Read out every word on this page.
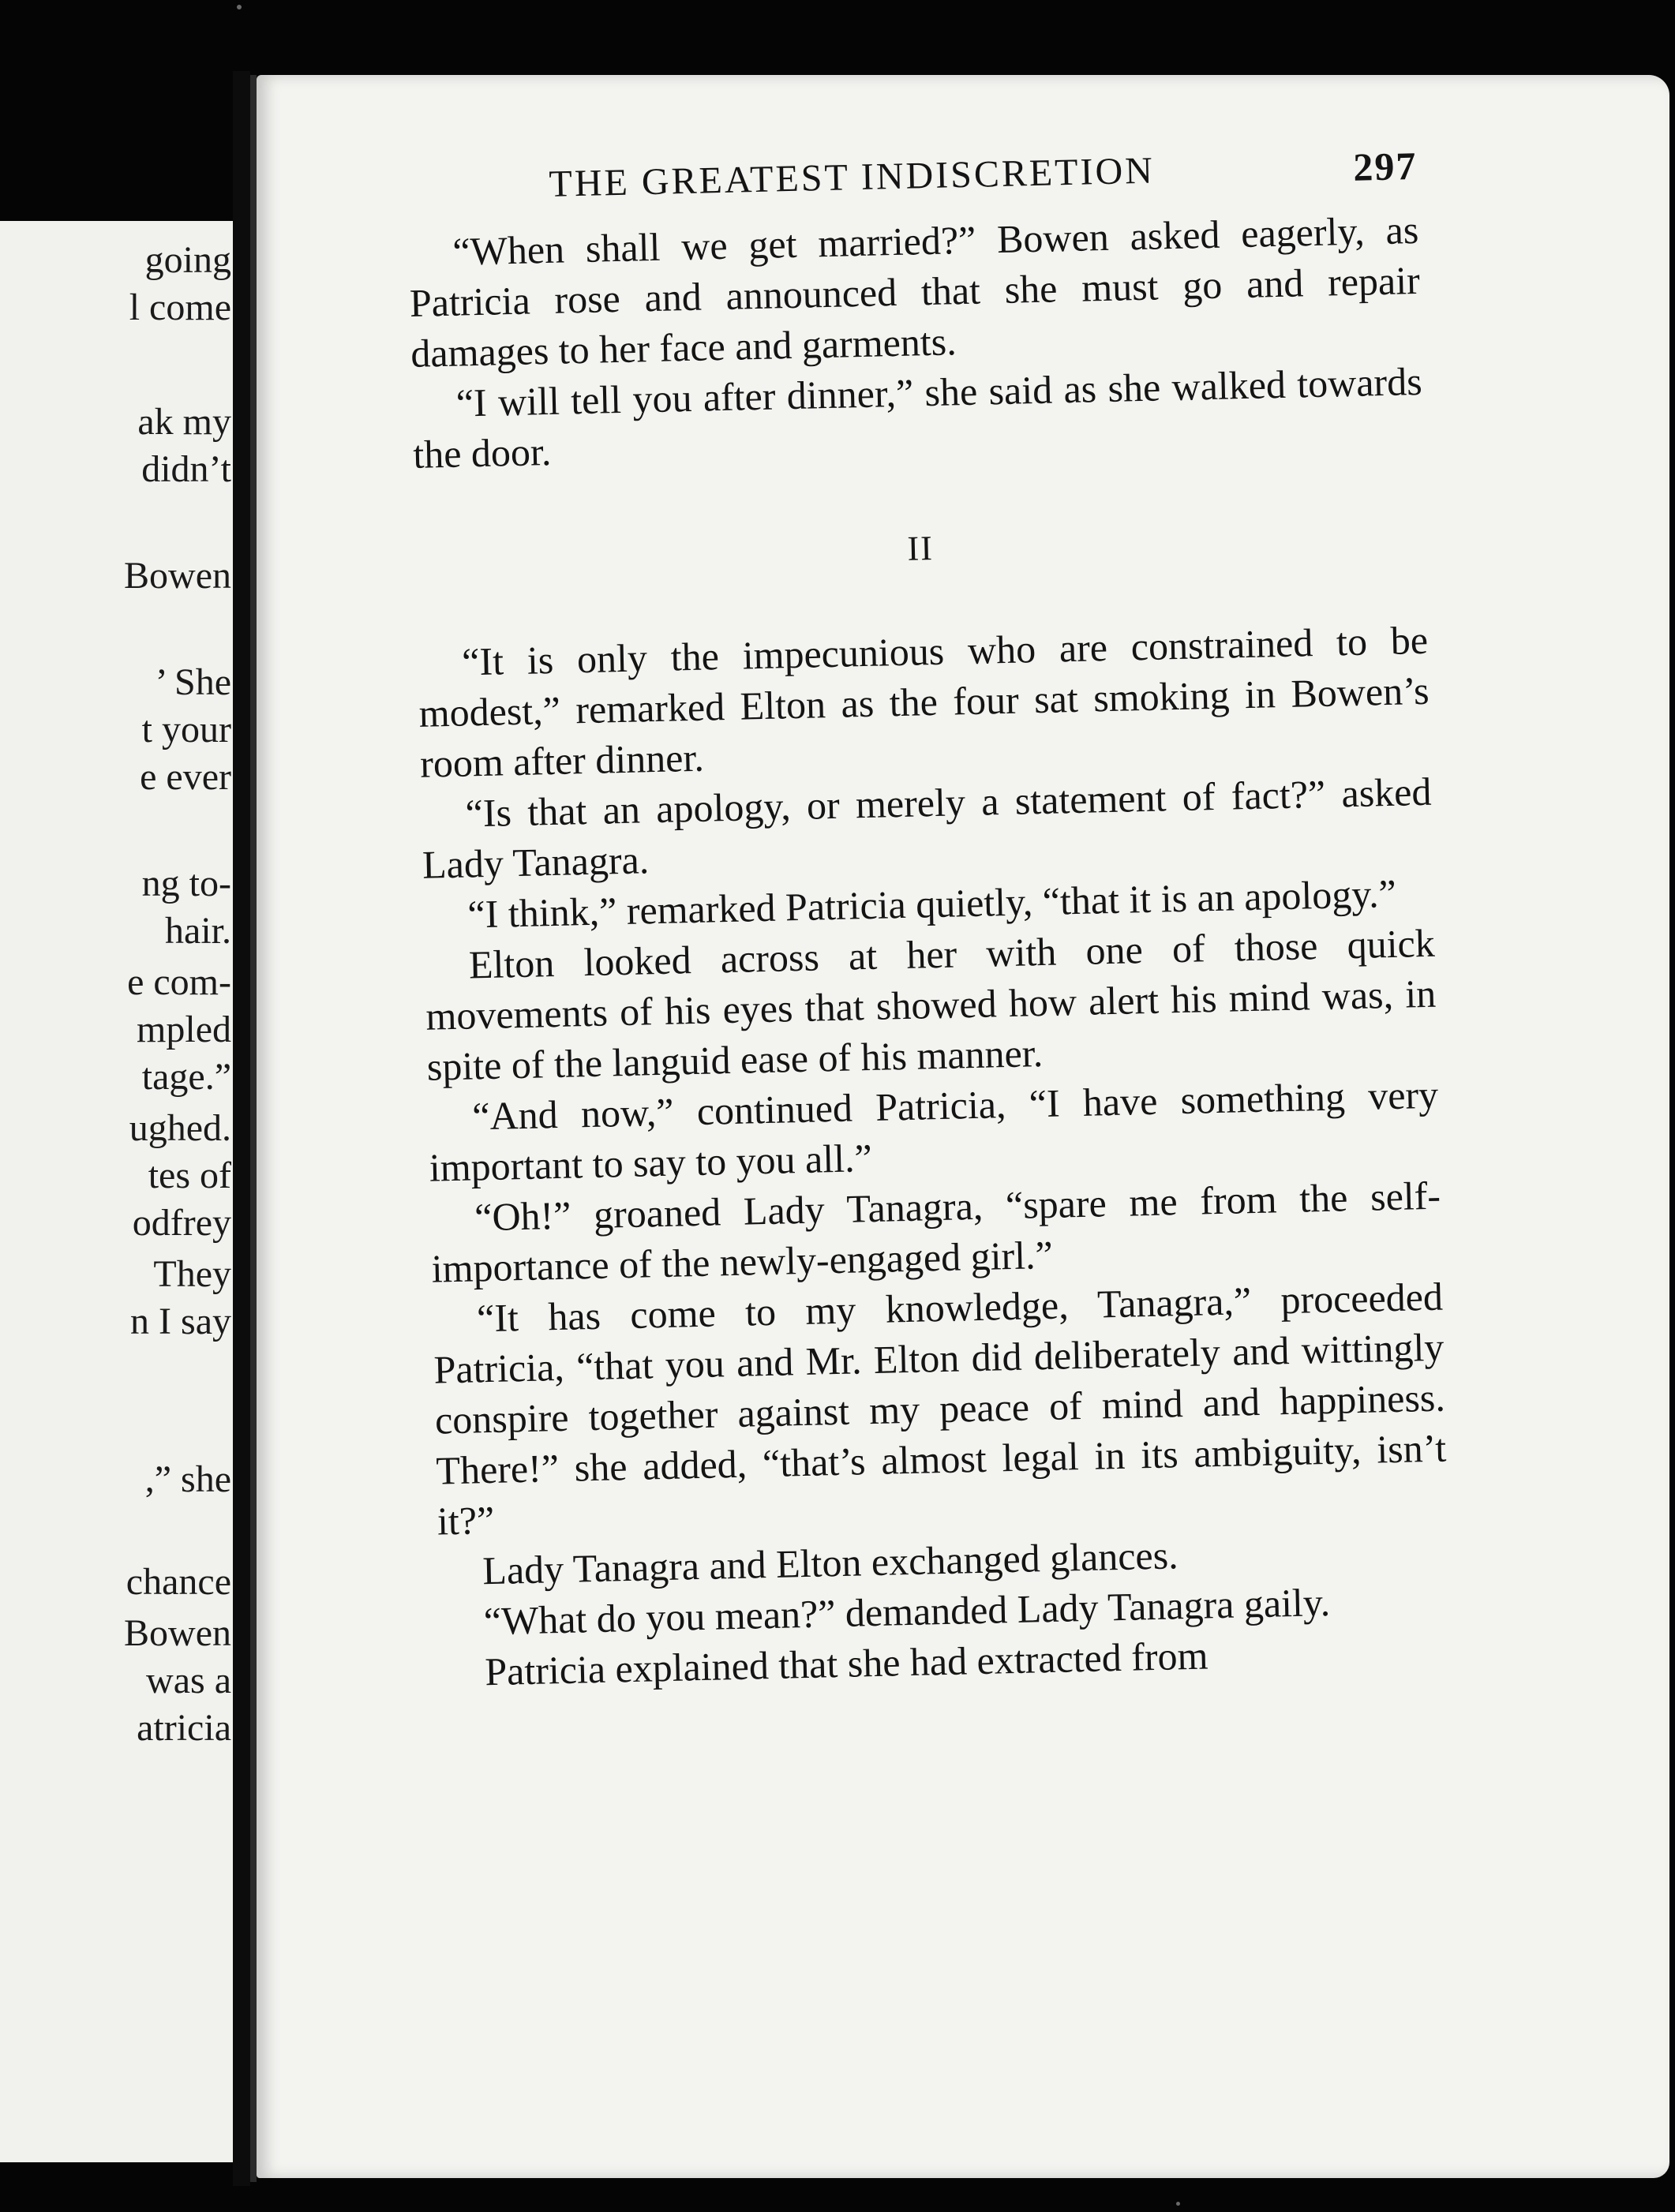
going
l come
ak my
didn’t
Bowen
’ She
t your
e ever
ng to-
hair.
e com-
mpled
tage.”
ughed.
tes of
odfrey
They
n I say
,” she
chance
Bowen
was a
atricia
THE GREATEST INDISCRETION	297

“When shall we get married?” Bowen asked eagerly, as Patricia rose and announced that she must go and repair damages to her face and garments.

“I will tell you after dinner,” she said as she walked towards the door.

II

“It is only the impecunious who are constrained to be modest,” remarked Elton as the four sat smoking in Bowen’s room after dinner.

“Is that an apology, or merely a statement of fact?” asked Lady Tanagra.

“I think,” remarked Patricia quietly, “that it is an apology.”

Elton looked across at her with one of those quick movements of his eyes that showed how alert his mind was, in spite of the languid ease of his manner.

“And now,” continued Patricia, “I have something very important to say to you all.”

“Oh!” groaned Lady Tanagra, “spare me from the self-importance of the newly-engaged girl.”

“It has come to my knowledge, Tanagra,” proceeded Patricia, “that you and Mr. Elton did deliberately and wittingly conspire together against my peace of mind and happiness. There!” she added, “that’s almost legal in its ambiguity, isn’t it?”

Lady Tanagra and Elton exchanged glances.

“What do you mean?” demanded Lady Tanagra gaily.

Patricia explained that she had extracted from
